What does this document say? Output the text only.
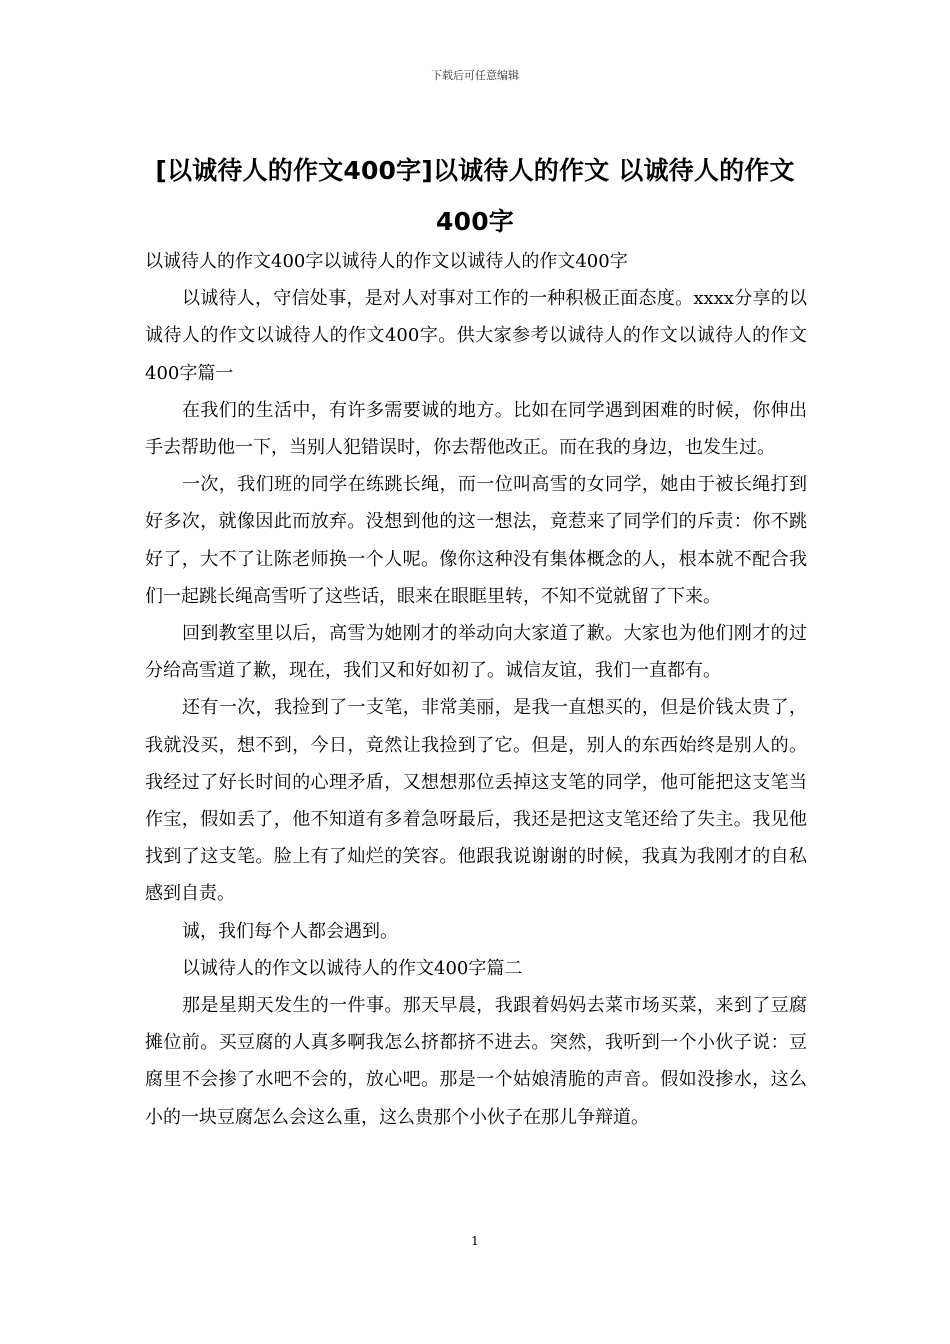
下载后可任意编辑
[以诚待人的作文400字]以诚待人的作文 以诚待人的作文400字

以诚待人的作文400字以诚待人的作文以诚待人的作文400字

以诚待人，守信处事，是对人对事对工作的一种积极正面态度。xxxx分享的以诚待人的作文以诚待人的作文400字。供大家参考以诚待人的作文以诚待人的作文400字篇一

在我们的生活中，有许多需要诚的地方。比如在同学遇到困难的时候，你伸出手去帮助他一下，当别人犯错误时，你去帮他改正。而在我的身边，也发生过。

一次，我们班的同学在练跳长绳，而一位叫高雪的女同学，她由于被长绳打到好多次，就像因此而放弃。没想到他的这一想法，竟惹来了同学们的斥责：你不跳好了，大不了让陈老师换一个人呢。像你这种没有集体概念的人，根本就不配合我们一起跳长绳高雪听了这些话，眼来在眼眶里转，不知不觉就留了下来。

回到教室里以后，高雪为她刚才的举动向大家道了歉。大家也为他们刚才的过分给高雪道了歉，现在，我们又和好如初了。诚信友谊，我们一直都有。

还有一次，我捡到了一支笔，非常美丽，是我一直想买的，但是价钱太贵了，我就没买，想不到，今日，竟然让我捡到了它。但是，别人的东西始终是别人的。我经过了好长时间的心理矛盾，又想想那位丢掉这支笔的同学，他可能把这支笔当作宝，假如丢了，他不知道有多着急呀最后，我还是把这支笔还给了失主。我见他找到了这支笔。脸上有了灿烂的笑容。他跟我说谢谢的时候，我真为我刚才的自私感到自责。

诚，我们每个人都会遇到。

以诚待人的作文以诚待人的作文400字篇二

那是星期天发生的一件事。那天早晨，我跟着妈妈去菜市场买菜，来到了豆腐摊位前。买豆腐的人真多啊我怎么挤都挤不进去。突然，我听到一个小伙子说：豆腐里不会掺了水吧不会的，放心吧。那是一个姑娘清脆的声音。假如没掺水，这么小的一块豆腐怎么会这么重，这么贵那个小伙子在那儿争辩道。

1
